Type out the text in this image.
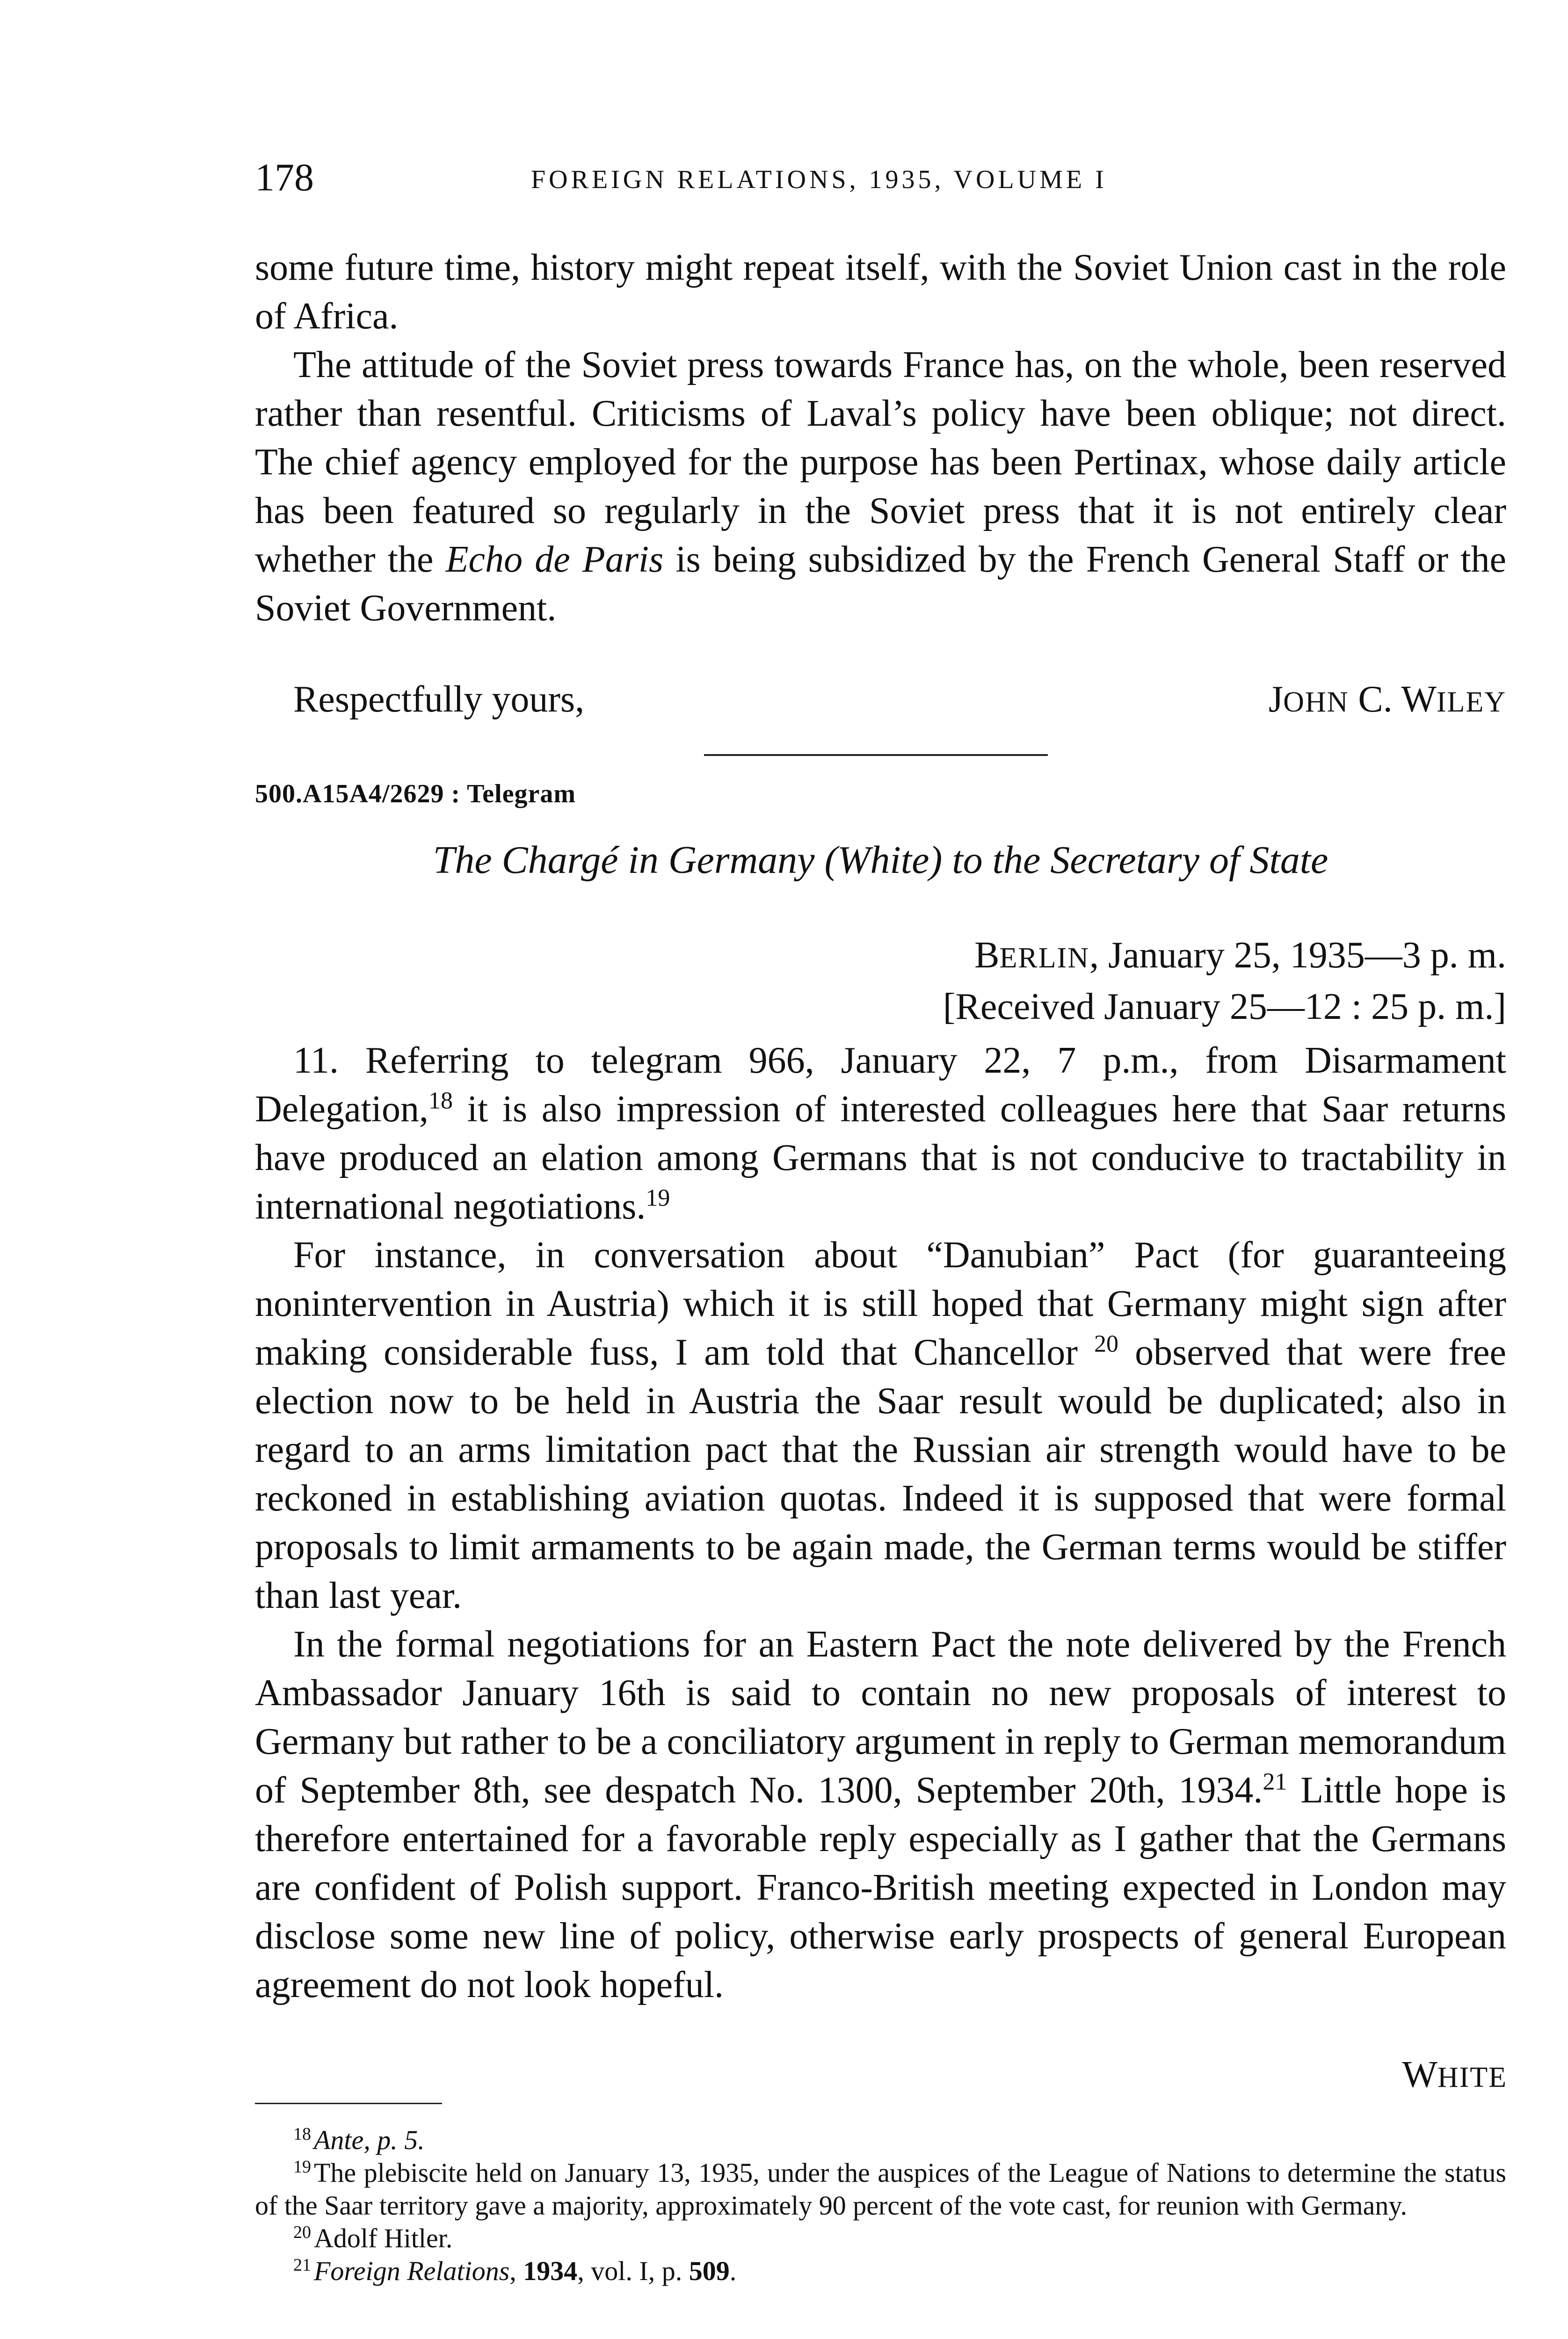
178	FOREIGN RELATIONS, 1935, VOLUME I

some future time, history might repeat itself, with the Soviet Union cast in the role of Africa.

The attitude of the Soviet press towards France has, on the whole, been reserved rather than resentful. Criticisms of Laval’s policy have been oblique; not direct. The chief agency employed for the purpose has been Pertinax, whose daily article has been featured so regularly in the Soviet press that it is not entirely clear whether the Echo de Paris is being subsidized by the French General Staff or the Soviet Government.

Respectfully yours,	JOHN C. WILEY
500.A15A4/2629 : Telegram
The Chargé in Germany (White) to the Secretary of State
BERLIN, January 25, 1935—3 p. m.
[Received January 25—12 : 25 p. m.]

11. Referring to telegram 966, January 22, 7 p.m., from Disarmament Delegation,$^{18}$ it is also impression of interested colleagues here that Saar returns have produced an elation among Germans that is not conducive to tractability in international negotiations.$^{19}$

For instance, in conversation about “Danubian” Pact (for guaranteeing nonintervention in Austria) which it is still hoped that Germany might sign after making considerable fuss, I am told that Chancellor $^{20}$ observed that were free election now to be held in Austria the Saar result would be duplicated; also in regard to an arms limitation pact that the Russian air strength would have to be reckoned in establishing aviation quotas. Indeed it is supposed that were formal proposals to limit armaments to be again made, the German terms would be stiffer than last year.

In the formal negotiations for an Eastern Pact the note delivered by the French Ambassador January 16th is said to contain no new proposals of interest to Germany but rather to be a conciliatory argument in reply to German memorandum of September 8th, see despatch No. 1300, September 20th, 1934.21 Little hope is therefore entertained for a favorable reply especially as I gather that the Germans are confident of Polish support. Franco-British meeting expected in London may disclose some new line of policy, otherwise early prospects of general European agreement do not look hopeful.

WHITE

$^{18}$ Ante, p. 5.

$^{19}$ The plebiscite held on January 13, 1935, under the auspices of the League of Nations to determine the status of the Saar territory gave a majority, approximately 90 percent of the vote cast, for reunion with Germany.

$^{20}$ Adolf Hitler.

$^{21}$ Foreign Relations, 1934, vol. I, p. 509.
